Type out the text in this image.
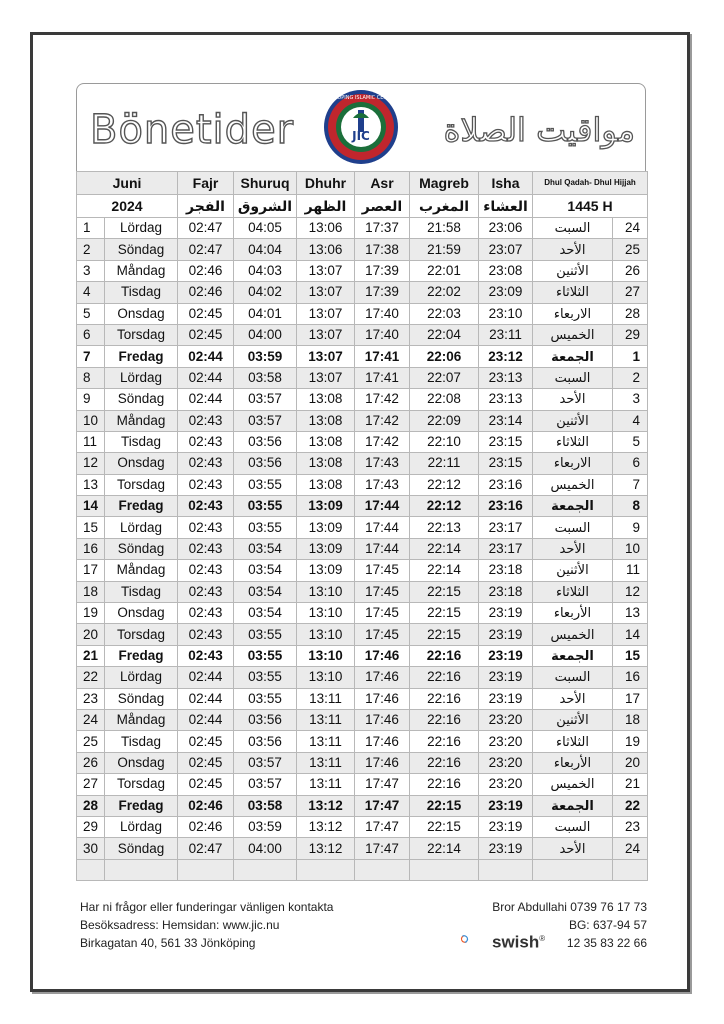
Bönetider	JIC
JÖNKÖPING ISLAMIC CENTER
مواقيت الصلاة
Juni		Fajr	Shuruq	Dhuhr	Asr	Magreb	Isha	Dhul Qadah- Dhul Hijjah	
2024		الفجر	الشروق	الظهر	العصر	المغرب	العشاء	1445 H	
1	Lördag	02:47	04:05	13:06	17:37	21:58	23:06	السبت	24
2	Söndag	02:47	04:04	13:06	17:38	21:59	23:07	الأحد	25
3	Måndag	02:46	04:03	13:07	17:39	22:01	23:08	الأثنين	26
4	Tisdag	02:46	04:02	13:07	17:39	22:02	23:09	الثلاثاء	27
5	Onsdag	02:45	04:01	13:07	17:40	22:03	23:10	الاربعاء	28
6	Torsdag	02:45	04:00	13:07	17:40	22:04	23:11	الخميس	29
7	Fredag	02:44	03:59	13:07	17:41	22:06	23:12	الجمعة	1
8	Lördag	02:44	03:58	13:07	17:41	22:07	23:13	السبت	2
9	Söndag	02:44	03:57	13:08	17:42	22:08	23:13	الأحد	3
10	Måndag	02:43	03:57	13:08	17:42	22:09	23:14	الأثنين	4
11	Tisdag	02:43	03:56	13:08	17:42	22:10	23:15	الثلاثاء	5
12	Onsdag	02:43	03:56	13:08	17:43	22:11	23:15	الاربعاء	6
13	Torsdag	02:43	03:55	13:08	17:43	22:12	23:16	الخميس	7
14	Fredag	02:43	03:55	13:09	17:44	22:12	23:16	الجمعة	8
15	Lördag	02:43	03:55	13:09	17:44	22:13	23:17	السبت	9
16	Söndag	02:43	03:54	13:09	17:44	22:14	23:17	الأحد	10
17	Måndag	02:43	03:54	13:09	17:45	22:14	23:18	الأثنين	11
18	Tisdag	02:43	03:54	13:10	17:45	22:15	23:18	الثلاثاء	12
19	Onsdag	02:43	03:54	13:10	17:45	22:15	23:19	الأربعاء	13
20	Torsdag	02:43	03:55	13:10	17:45	22:15	23:19	الخميس	14
21	Fredag	02:43	03:55	13:10	17:46	22:16	23:19	الجمعة	15
22	Lördag	02:44	03:55	13:10	17:46	22:16	23:19	السبت	16
23	Söndag	02:44	03:55	13:11	17:46	22:16	23:19	الأحد	17
24	Måndag	02:44	03:56	13:11	17:46	22:16	23:20	الأثنين	18
25	Tisdag	02:45	03:56	13:11	17:46	22:16	23:20	الثلاثاء	19
26	Onsdag	02:45	03:57	13:11	17:46	22:16	23:20	الأربعاء	20
27	Torsdag	02:45	03:57	13:11	17:47	22:16	23:20	الخميس	21
28	Fredag	02:46	03:58	13:12	17:47	22:15	23:19	الجمعة	22
29	Lördag	02:46	03:59	13:12	17:47	22:15	23:19	السبت	23
30	Söndag	02:47	04:00	13:12	17:47	22:14	23:19	الأحد	24

Har ni frågor eller funderingar vänligen kontakta
Besöksadress: Hemsidan: www.jic.nu
Birkagatan 40, 561 33 Jönköping
Bror Abdullahi 0739 76 17 73
BG: 637-94 57
12 35 83 22 66
swish®
